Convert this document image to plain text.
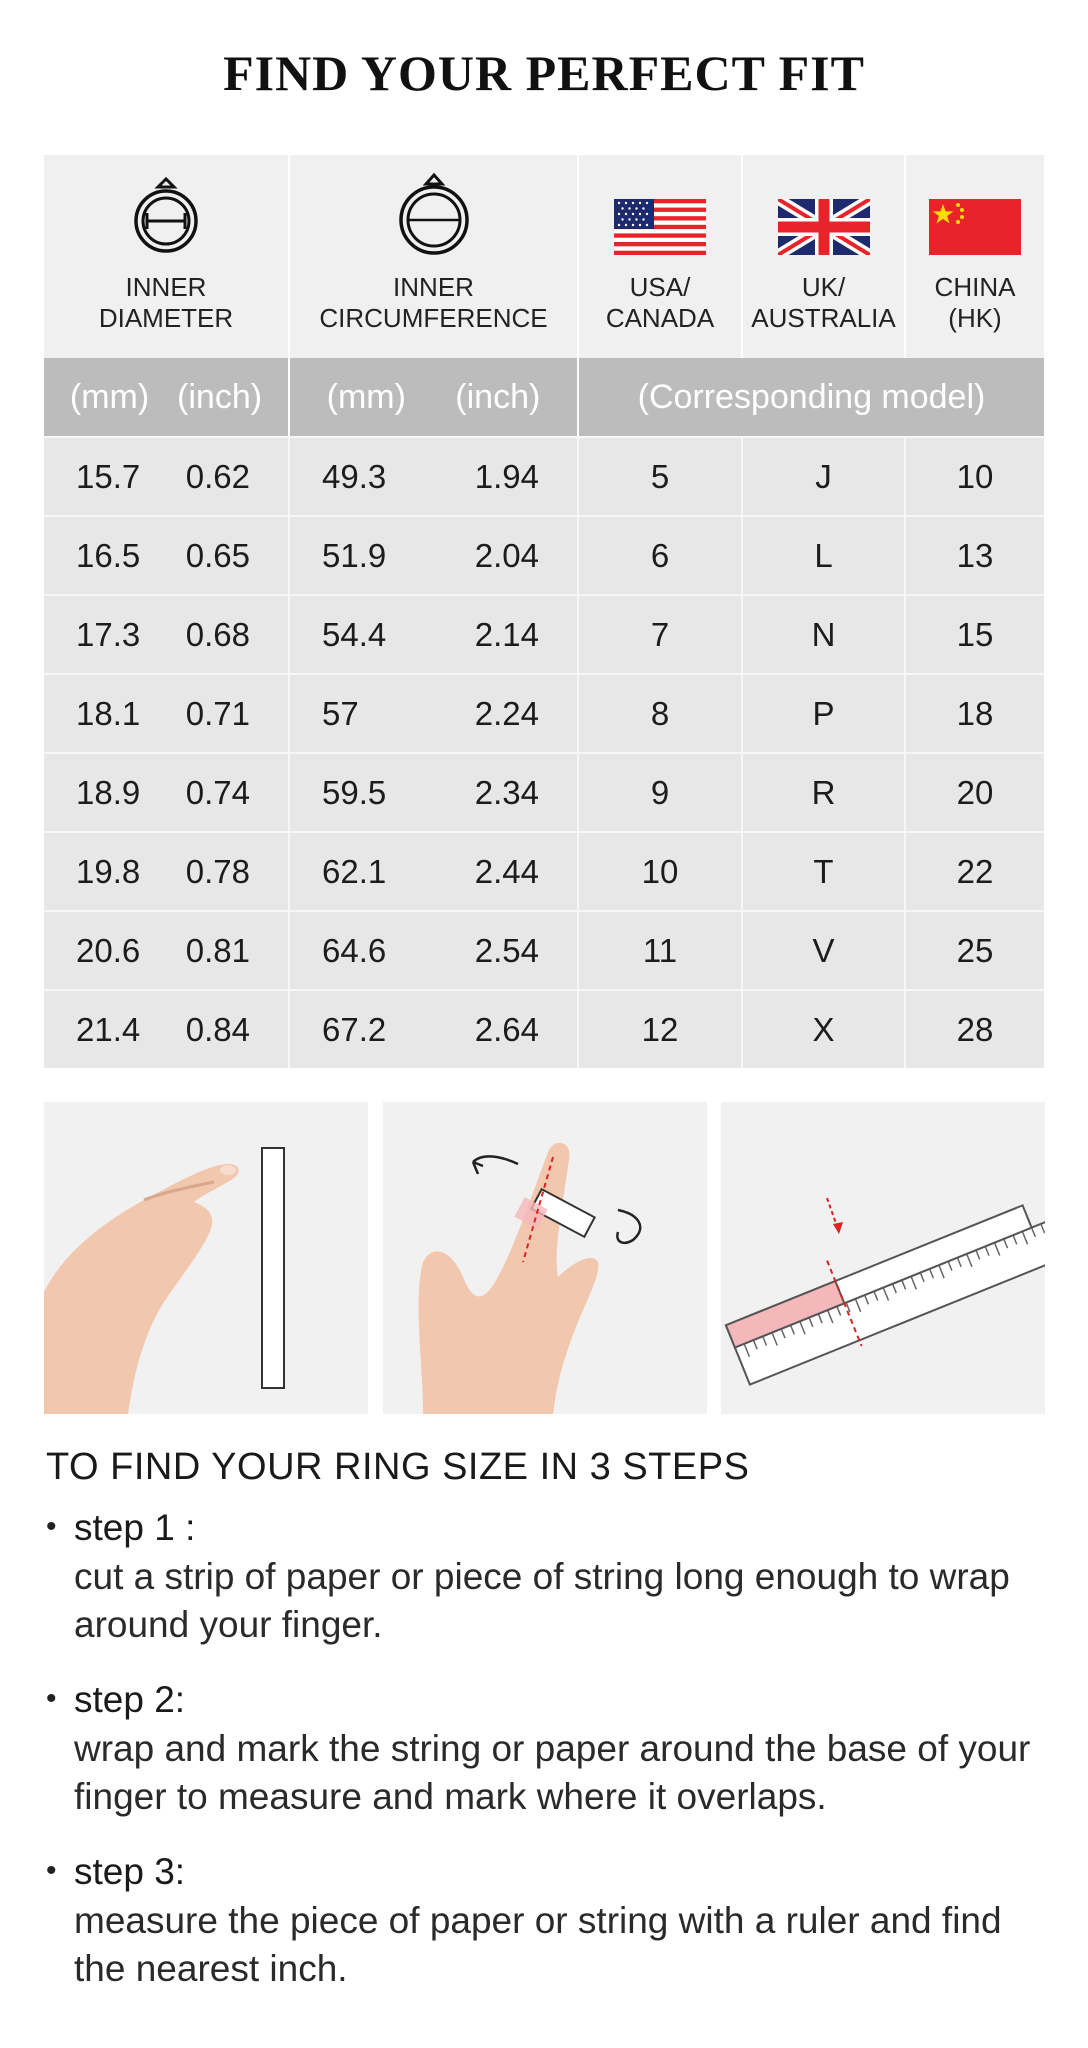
FIND YOUR PERFECT FIT
INNER
DIAMETER
INNER
CIRCUMFERENCE
USA/
CANADA
UK/
AUSTRALIA
CHINA
(HK)
(mm) (inch) (mm) (inch)	(Corresponding model)
15.7 0.62 49.3	1.94	5	J	10
16.5 0.65 51.9	2.04	6	L	13
17.3 0.68 54.4	2.14	7	N	15
18.1 0.71 57	2.24	8	P	18
18.9 0.74 59.5	2.34	9	R	20
19.8 0.78 62.1	2.44	10	T	22
20.6 0.81 64.6	2.54	11	V	25
21.4 0.84 67.2	2.64	12	X	28
TO FIND YOUR RING SIZE IN 3 STEPS
• step 1 :
cut a strip of paper or piece of string long enough to wrap around your finger.
• step 2:
wrap and mark the string or paper around the base of your finger to measure and mark where it overlaps.
• step 3:
measure the piece of paper or string with a ruler and find the nearest inch.
